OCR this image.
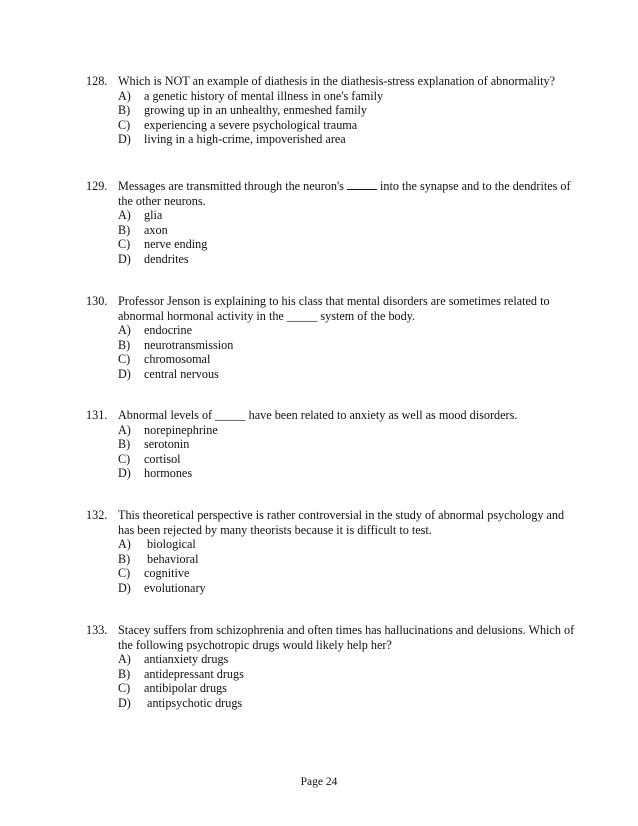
128. Which is NOT an example of diathesis in the diathesis-stress explanation of abnormality?
A)	a genetic history of mental illness in one's family
B)	growing up in an unhealthy, enmeshed family
C)	experiencing a severe psychological trauma
D)	living in a high-crime, impoverished area
129. Messages are transmitted through the neuron's	into the synapse and to the dendrites of the other neurons.
A)	glia
B)	axon
C)	nerve ending
D)	dendrites
130. Professor Jenson is explaining to his class that mental disorders are sometimes related to abnormal hormonal activity in the _____ system of the body.
A)	endocrine
B)	neurotransmission
C)	chromosomal
D)	central nervous
131. Abnormal levels of _____ have been related to anxiety as well as mood disorders.
A)	norepinephrine
B)	serotonin
C)	cortisol
D)	hormones
132. This theoretical perspective is rather controversial in the study of abnormal psychology and has been rejected by many theorists because it is difficult to test.
A)	biological
B)	behavioral
C)	cognitive
D)	evolutionary
133. Stacey suffers from schizophrenia and often times has hallucinations and delusions. Which of the following psychotropic drugs would likely help her?
A)	antianxiety drugs
B)	antidepressant drugs
C)	antibipolar drugs
D)	antipsychotic drugs
Page 24
